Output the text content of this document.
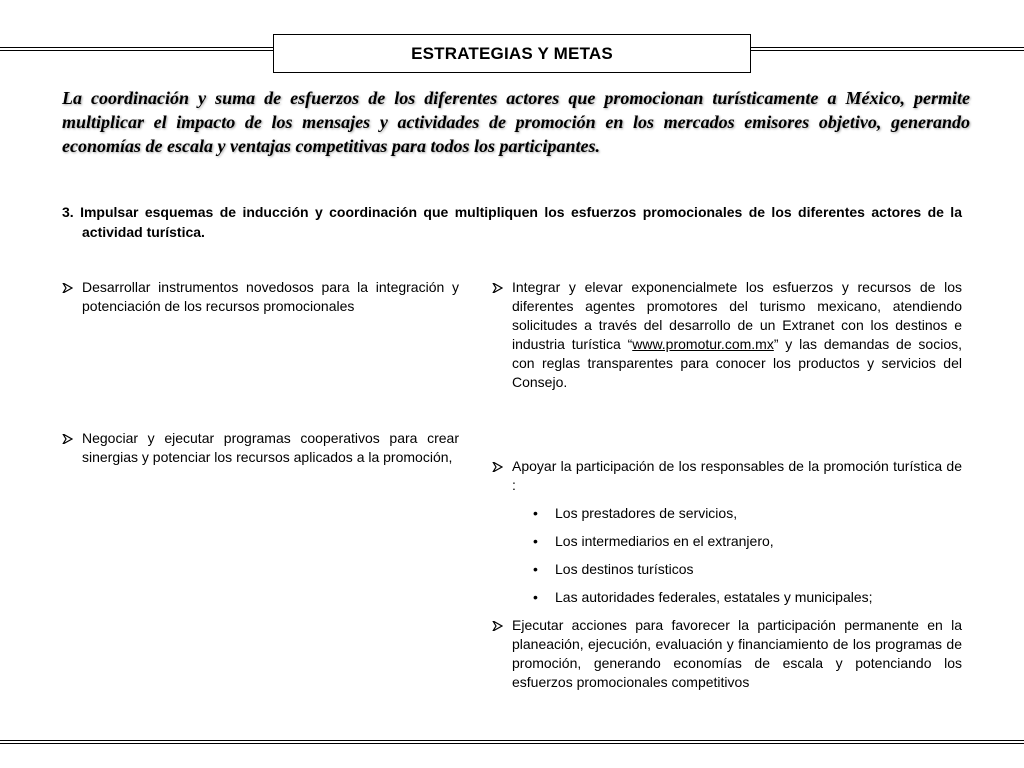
ESTRATEGIAS Y METAS

La coordinación y suma de esfuerzos de los diferentes actores que promocionan turísticamente a México, permite multiplicar el impacto de los mensajes y actividades de promoción en los mercados emisores objetivo, generando economías de escala y ventajas competitivas para todos los participantes.

3. Impulsar esquemas de inducción y coordinación que multipliquen los esfuerzos promocionales de los diferentes actores de la actividad turística.

Desarrollar instrumentos novedosos para la integración y potenciación de los recursos promocionales

Negociar y ejecutar programas cooperativos para crear sinergias y potenciar los recursos aplicados a la promoción,

Integrar y elevar exponencialmete los esfuerzos y recursos de los diferentes agentes promotores del turismo mexicano, atendiendo solicitudes a través del desarrollo de un Extranet con los destinos e industria turística “www.promotur.com.mx” y las demandas de socios, con reglas transparentes para conocer los productos y servicios del Consejo.

Apoyar la participación de los responsables de la promoción turística de :

•	Los prestadores de servicios,
•	Los intermediarios en el extranjero,
•	Los destinos turísticos
•	Las autoridades federales, estatales y municipales;

Ejecutar acciones para favorecer la participación permanente en la planeación, ejecución, evaluación y financiamiento de los programas de promoción, generando economías de escala y potenciando los esfuerzos promocionales competitivos
